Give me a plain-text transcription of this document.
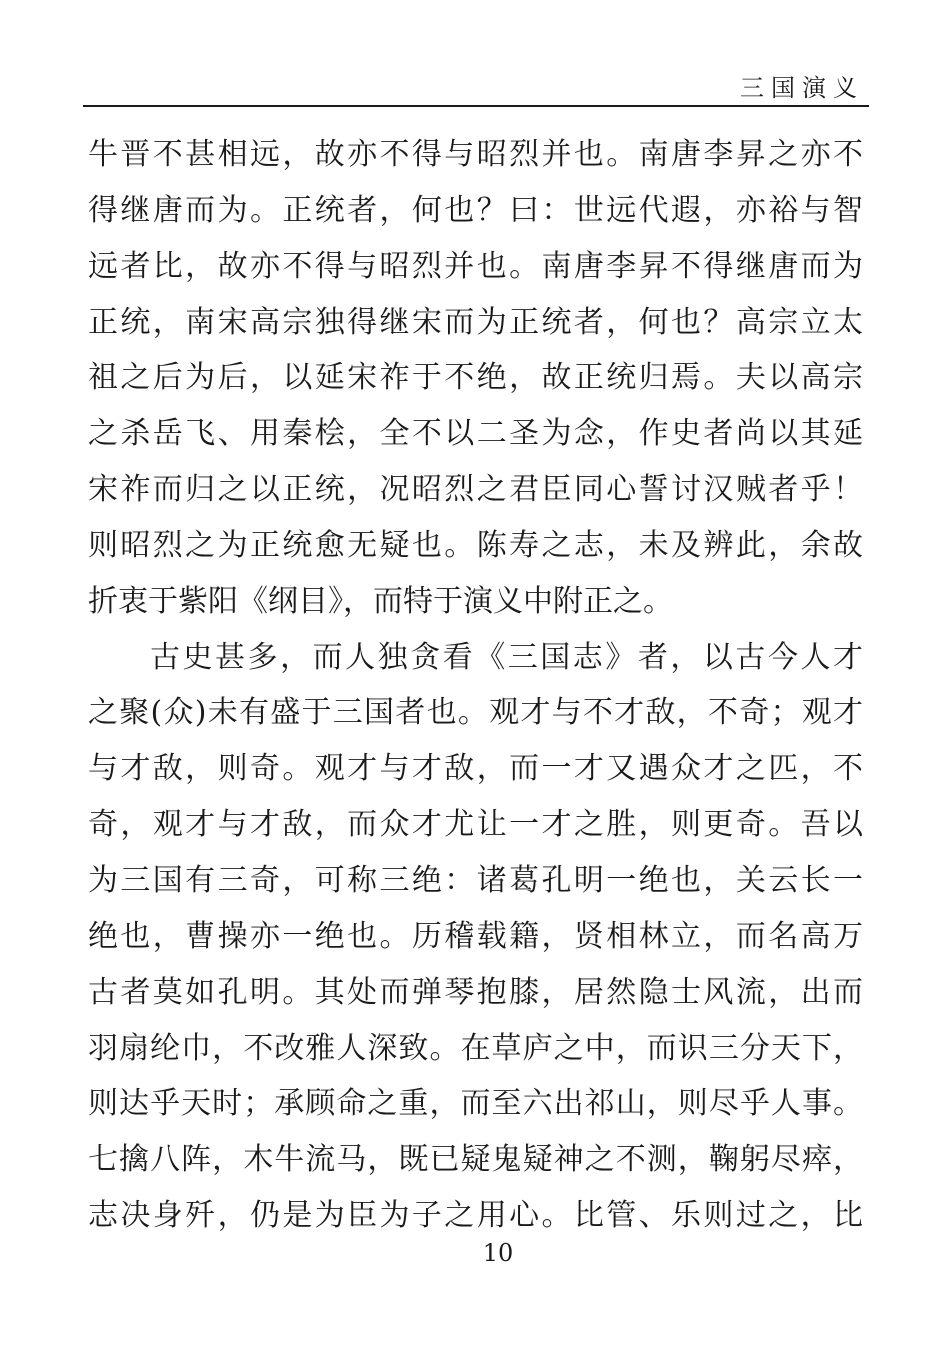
三国演义
牛晋不甚相远，故亦不得与昭烈并也。南唐李昇之亦不
得继唐而为。正统者，何也？曰：世远代遐，亦裕与智
远者比，故亦不得与昭烈并也。南唐李昇不得继唐而为
正统，南宋高宗独得继宋而为正统者，何也？高宗立太
祖之后为后，以延宋祚于不绝，故正统归焉。夫以高宗
之杀岳飞、用秦桧，全不以二圣为念，作史者尚以其延
宋祚而归之以正统，况昭烈之君臣同心誓讨汉贼者乎！
则昭烈之为正统愈无疑也。陈寿之志，未及辨此，余故
折衷于紫阳《纲目》，而特于演义中附正之。
古史甚多，而人独贪看《三国志》者，以古今人才
之聚(众)未有盛于三国者也。观才与不才敌，不奇；观才
与才敌，则奇。观才与才敌，而一才又遇众才之匹，不
奇，观才与才敌，而众才尤让一才之胜，则更奇。吾以
为三国有三奇，可称三绝：诸葛孔明一绝也，关云长一
绝也，曹操亦一绝也。历稽载籍，贤相林立，而名高万
古者莫如孔明。其处而弹琴抱膝，居然隐士风流，出而
羽扇纶巾，不改雅人深致。在草庐之中，而识三分天下，
则达乎天时；承顾命之重，而至六出祁山，则尽乎人事。
七擒八阵，木牛流马，既已疑鬼疑神之不测，鞠躬尽瘁，
志决身歼，仍是为臣为子之用心。比管、乐则过之，比
10
